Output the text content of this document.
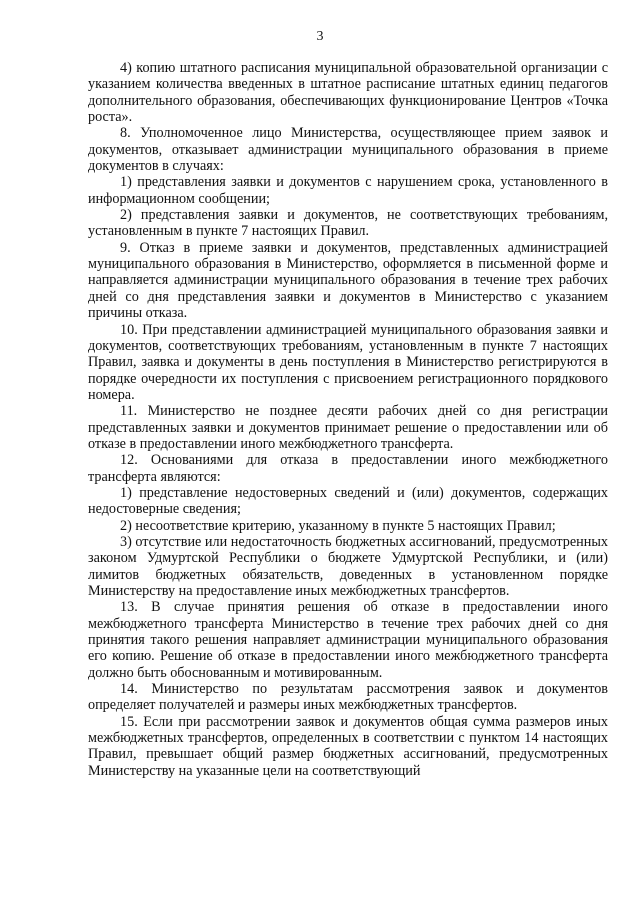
3

4) копию штатного расписания муниципальной образовательной организации с указанием количества введенных в штатное расписание штатных единиц педагогов дополнительного образования, обеспечивающих функционирование Центров «Точка роста».

8. Уполномоченное лицо Министерства, осуществляющее прием заявок и документов, отказывает администрации муниципального образования в приеме документов в случаях:

1) представления заявки и документов с нарушением срока, установленного в информационном сообщении;

2) представления заявки и документов, не соответствующих требованиям, установленным в пункте 7 настоящих Правил.

9. Отказ в приеме заявки и документов, представленных администрацией муниципального образования в Министерство, оформляется в письменной форме и направляется администрации муниципального образования в течение трех рабочих дней со дня представления заявки и документов в Министерство с указанием причины отказа.

10. При представлении администрацией муниципального образования заявки и документов, соответствующих требованиям, установленным в пункте 7 настоящих Правил, заявка и документы в день поступления в Министерство регистрируются в порядке очередности их поступления с присвоением регистрационного порядкового номера.

11. Министерство не позднее десяти рабочих дней со дня регистрации представленных заявки и документов принимает решение о предоставлении или об отказе в предоставлении иного межбюджетного трансферта.

12. Основаниями для отказа в предоставлении иного межбюджетного трансферта являются:

1) представление недостоверных сведений и (или) документов, содержащих недостоверные сведения;

2) несоответствие критерию, указанному в пункте 5 настоящих Правил;

3) отсутствие или недостаточность бюджетных ассигнований, предусмотренных законом Удмуртской Республики о бюджете Удмуртской Республики, и (или) лимитов бюджетных обязательств, доведенных в установленном порядке Министерству на предоставление иных межбюджетных трансфертов.

13. В случае принятия решения об отказе в предоставлении иного межбюджетного трансферта Министерство в течение трех рабочих дней со дня принятия такого решения направляет администрации муниципального образования его копию. Решение об отказе в предоставлении иного межбюджетного трансферта должно быть обоснованным и мотивированным.

14. Министерство по результатам рассмотрения заявок и документов определяет получателей и размеры иных межбюджетных трансфертов.

15. Если при рассмотрении заявок и документов общая сумма размеров иных межбюджетных трансфертов, определенных в соответствии с пунктом 14 настоящих Правил, превышает общий размер бюджетных ассигнований, предусмотренных Министерству на указанные цели на соответствующий
